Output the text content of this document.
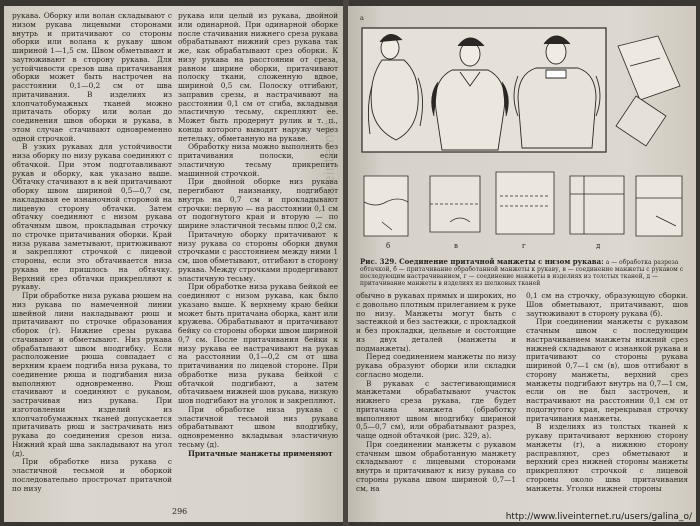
рукава. Оборку или волан складывают с низом рукава лицевыми сторонами внутрь и притачивают со стороны оборки или волана к рукаву швом шириной 1—1,5 см. Швом обметывают и заутюживают в сторону рукава. Для устойчивости срезов шва притачивания оборки может быть настрочен на расстоянии 0,1—0,2 см от шва притачивания. В изделиях из хлопчатобумажных тканей можно притачать оборку или волан до соединения швов оборки и рукава, в этом случае стачивают одновременно одной строчкой.

В узких рукавах для устойчивости низа оборку по низу рукава соединяют с обтачкой. При этом подготавливают рукав и оборку, как указано выше. Обтачку стачивают в к вей притачивают оборку швом шириной 0,5—0,7 см, накладывая ее изнаночной стороной на лицевую сторону обтачки. Затем обтачку соединяют с низом рукава обтачным швом, прокладывая строчку по строчке притачивания оборки. Край низа рукава заметывают, притюживают и закрепляют строчкой с лицевой стороны, если это обтачивается низа рукава не пришлось на обтачку. Верхний срез обтачки прикрепляют к рукаву.

При обработке низа рукава рюшем на низ рукава по намеченной линии швейной лини накладывают рюш и притачивают по строчке образования сборок (г). Нижние срезы рукава стачивают и обметывают. Низ рукава обрабатывают швом вподгибку. Если расположение рюша совпадает с верхним краем подгиба низа рукава, то соединение рюша и подгибания низа выполняют одновременно. Рюш стачивают и соединяют с рукавом, застрачивая низ рукава. При изготовлении изделий из хлопчатобумажных тканей допускается притачивать рюш и застрачивать низ рукава до соединения срезов низа. Нижний край шва закладывают на угол (д).

При обработке низа рукава с эластичной тесьмой и оборкой последовательно прострочат притачной по низу

рукава или целый из рукава, двойной или одинарной. При одинарной оборке после стачивания нижнего среза рукава обрабатывают нижний срез рукава так же, как обрабатывают срез оборки. К низу рукава на расстоянии от среза, равном ширине оборки, притачивают полоску ткани, сложенную вдвое, шириной 0,5 см. Полоску отгибают, заправив срезы, и настрачивают на расстоянии 0,1 см от сгиба, вкладывая эластичную тесьму, скрепляют ее. Может быть продернут рулик и т. п., концы которого выводят наружу через петельку, обметанную на рукаве.

Обработку низа можно выполнять без притачивания полоски, если эластичную тесьму прикрепить машинной строчкой.

При двойной оборке низ рукава перегибают наизнанку, подгибают внутрь на 0,7 см и прокладывают строчки: первую — на расстоянии 0,1 см от подогнутого края и вторую — по ширине эластичной тесьмы плюс 0,2 см.

Притачную оборку притачивают к низу рукава со стороны оборки двумя строчками с расстоянием между ними 1 см, шов обметывают, отгибают в сторону рукава. Между строчками продергивают эластичную тесьму.

При обработке низа рукава бейкой ее соединяют с низом рукава, как было указано выше. К верхнему краю бейки может быть притачана оборка, кант или кружева. Обрабатывают и притачивают бейку со стороны оборки швом шириной 0,7 см. После притачивания бейки к низу рукава ее настрачивают на рукав на расстоянии 0,1—0,2 см от шва притачивания по лицевой стороне. При обработке низа рукава бейкой с обтачкой подгибают, а затем обтачиваем нижней шов рукава, низкую шов подгибают на уголок и закрепляют.

При обработке низа рукава с эластичной тесьмой низ рукава обрабатывают швом вподгибку, одновременно вкладывая эластичную тесьму (д).

Притачные манжеты применяют

296
а
б	в	г	д
Рис. 329. Соединение притачной манжеты с низом рукава: а — обработка разреза обтачкой, б — притачивание обработанной манжеты к рукаву, в — соединение манжеты с рукавом с последующим настрачиванием, г — соединение манжеты в изделиях из толстых тканей, д — притачивание манжеты в изделиях из шелковых тканей

обычно в рукавах прямых и широких, но с довольно плотным прилеганием к руке по низу. Манжеты могут быть с застежкой и без застежки, с прокладкой и без прокладки, цельные и состоящие из двух деталей (манжеты и подманжеты).

Перед соединением манжеты по низу рукава образуют оборки или складки согласно модели.

В рукавах с застегивающимися манжетами обрабатывают участок нижнего среза рукава, где будет притачана манжета (обработку выполняют швом вподгибку шириной 0,5—0,7 см), или обрабатывают разрез, чаще одной обтачкой (рис. 329, а).

При соединении манжеты с рукавом стачным швом обработанную манжету складывают с лицевыми сторонами внутрь и притачивают к низу рукава со стороны рукава швом шириной 0,7—1 см, на

0,1 см на строчку, образующую сборки. Шов обметывают, притачивают, шов заутюживают в сторону рукава (б).

При соединении манжеты с рукавом стачным швом с последующим настрачиванием манжеты нижний срез нижней складывают с изнанкой рукава и притачивают со стороны рукава шириной 0,7—1 см (в), шов отгибают в сторону манжеты, верхний срез манжеты подгибают внутрь на 0,7—1 см, если он не был застрочен, и настрачивают на расстоянии 0,1 см от подогнутого края, перекрывая строчку притачивания манжеты.

В изделиях из толстых тканей к рукаву притачивают верхнюю сторону манжеты (г), а нижнюю сторону расправляют, срез обметывают и верхний срез нижней стороны манжеты прикрепляют строчкой с лицевой стороны около шва притачивания манжеты. Уголки нижней стороны

liveinternet.ru
http://www.liveinternet.ru/users/galina_o/
